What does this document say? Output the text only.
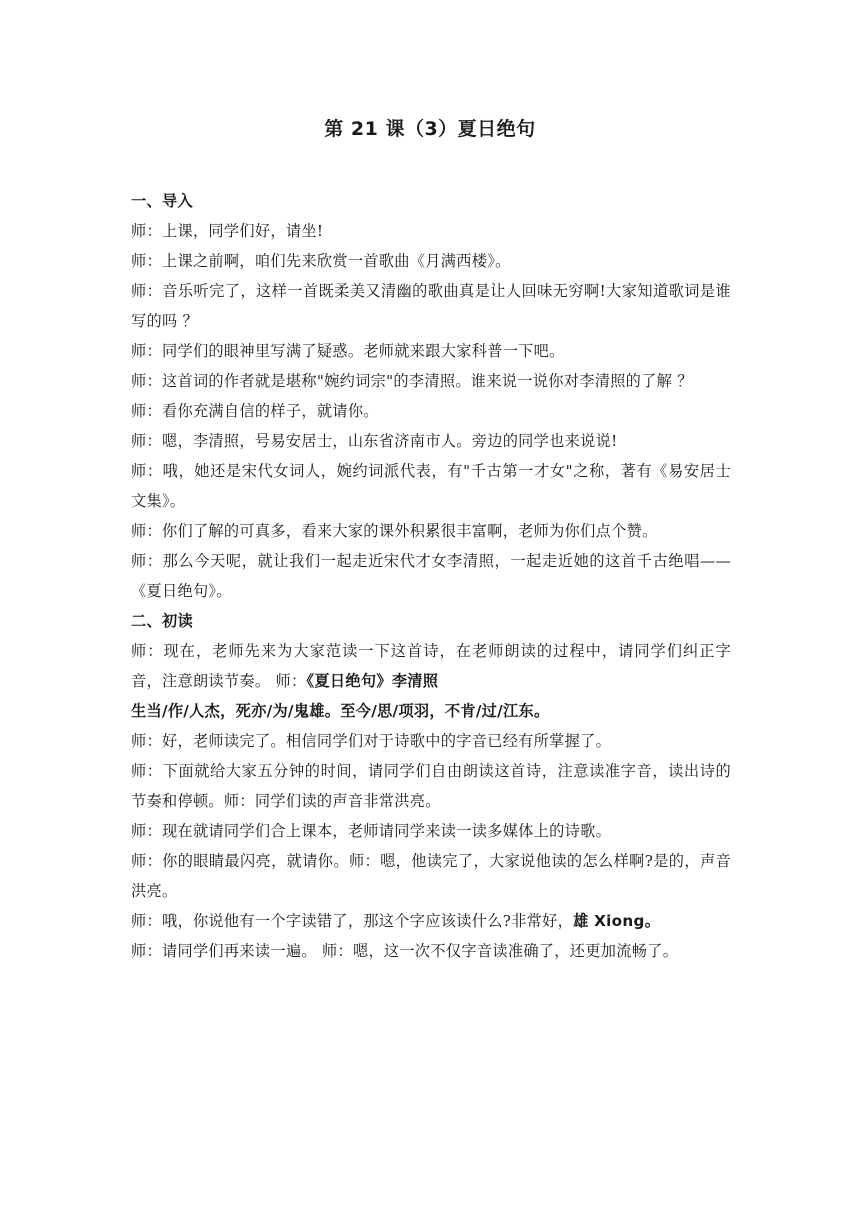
第 21 课（3）夏日绝句

一、导入

师：上课，同学们好，请坐!

师：上课之前啊，咱们先来欣赏一首歌曲《月满西楼》。

师：音乐听完了，这样一首既柔美又清幽的歌曲真是让人回味无穷啊!大家知道歌词是谁写的吗 ？

师：同学们的眼神里写满了疑惑。老师就来跟大家科普一下吧。

师：这首词的作者就是堪称"婉约词宗"的李清照。谁来说一说你对李清照的了解 ？

师：看你充满自信的样子，就请你。

师：嗯，李清照，号易安居士，山东省济南市人。旁边的同学也来说说!

师：哦，她还是宋代女词人，婉约词派代表，有"千古第一才女"之称，著有《易安居士文集》。

师：你们了解的可真多，看来大家的课外积累很丰富啊，老师为你们点个赞。

师：那么今天呢，就让我们一起走近宋代才女李清照，一起走近她的这首千古绝唱——《夏日绝句》。

二、初读

师：现在，老师先来为大家范读一下这首诗，在老师朗读的过程中，请同学们纠正字音，注意朗读节奏。 师：《夏日绝句》李清照

生当/作/人杰，死亦/为/鬼雄。至今/思/项羽，不肯/过/江东。

师：好，老师读完了。相信同学们对于诗歌中的字音已经有所掌握了。

师：下面就给大家五分钟的时间，请同学们自由朗读这首诗，注意读准字音，读出诗的节奏和停顿。师：同学们读的声音非常洪亮。

师：现在就请同学们合上课本，老师请同学来读一读多媒体上的诗歌。

师：你的眼睛最闪亮，就请你。师：嗯，他读完了，大家说他读的怎么样啊?是的，声音洪亮。

师：哦，你说他有一个字读错了，那这个字应该读什么?非常好，雄 Xiong。

师：请同学们再来读一遍。 师：嗯，这一次不仅字音读准确了，还更加流畅了。
